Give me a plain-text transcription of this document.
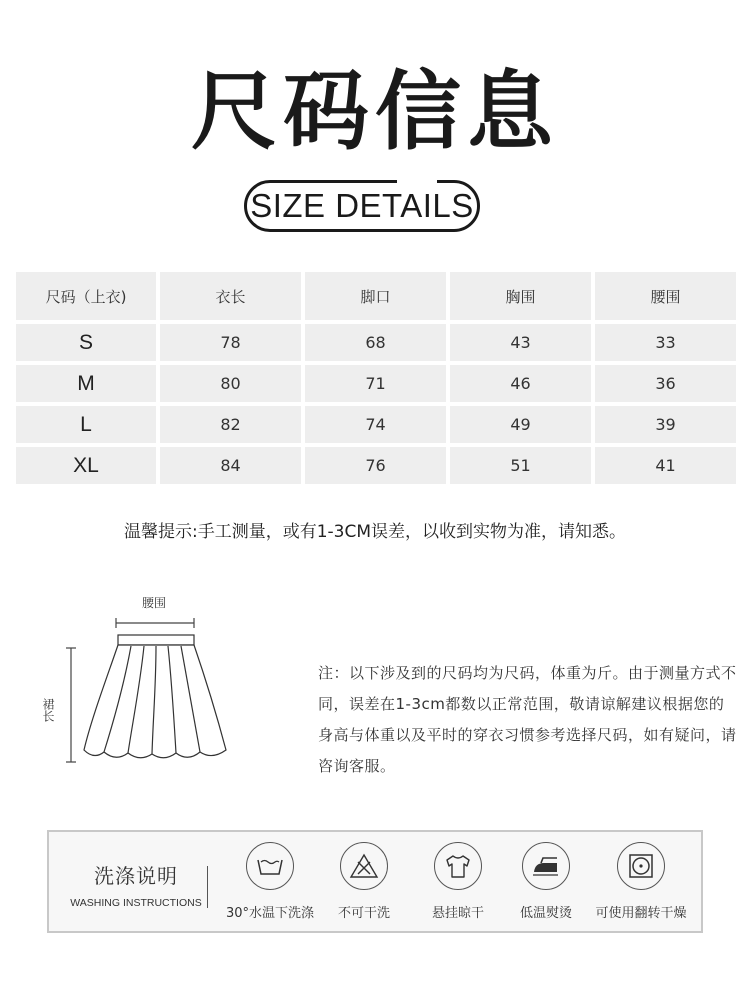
尺码信息
SIZE DETAILS
尺码（上衣)	衣长	脚口	胸围	腰围
S	78	68	43	33
M	80	71	46	36
L	82	74	49	39
XL	84	76	51	41
温馨提示:手工测量，或有1-3CM误差，以收到实物为准，请知悉。
腰围
裙长
注：以下涉及到的尺码均为尺码，体重为斤。由于测量方式不同，误差在1-3cm都数以正常范围，敬请谅解建议根据您的身高与体重以及平时的穿衣习惯参考选择尺码，如有疑问，请咨询客服。
洗涤说明
WASHING INSTRUCTIONS
30°水温下洗涤	不可干洗	悬挂晾干	低温熨烫	可使用翻转干燥
